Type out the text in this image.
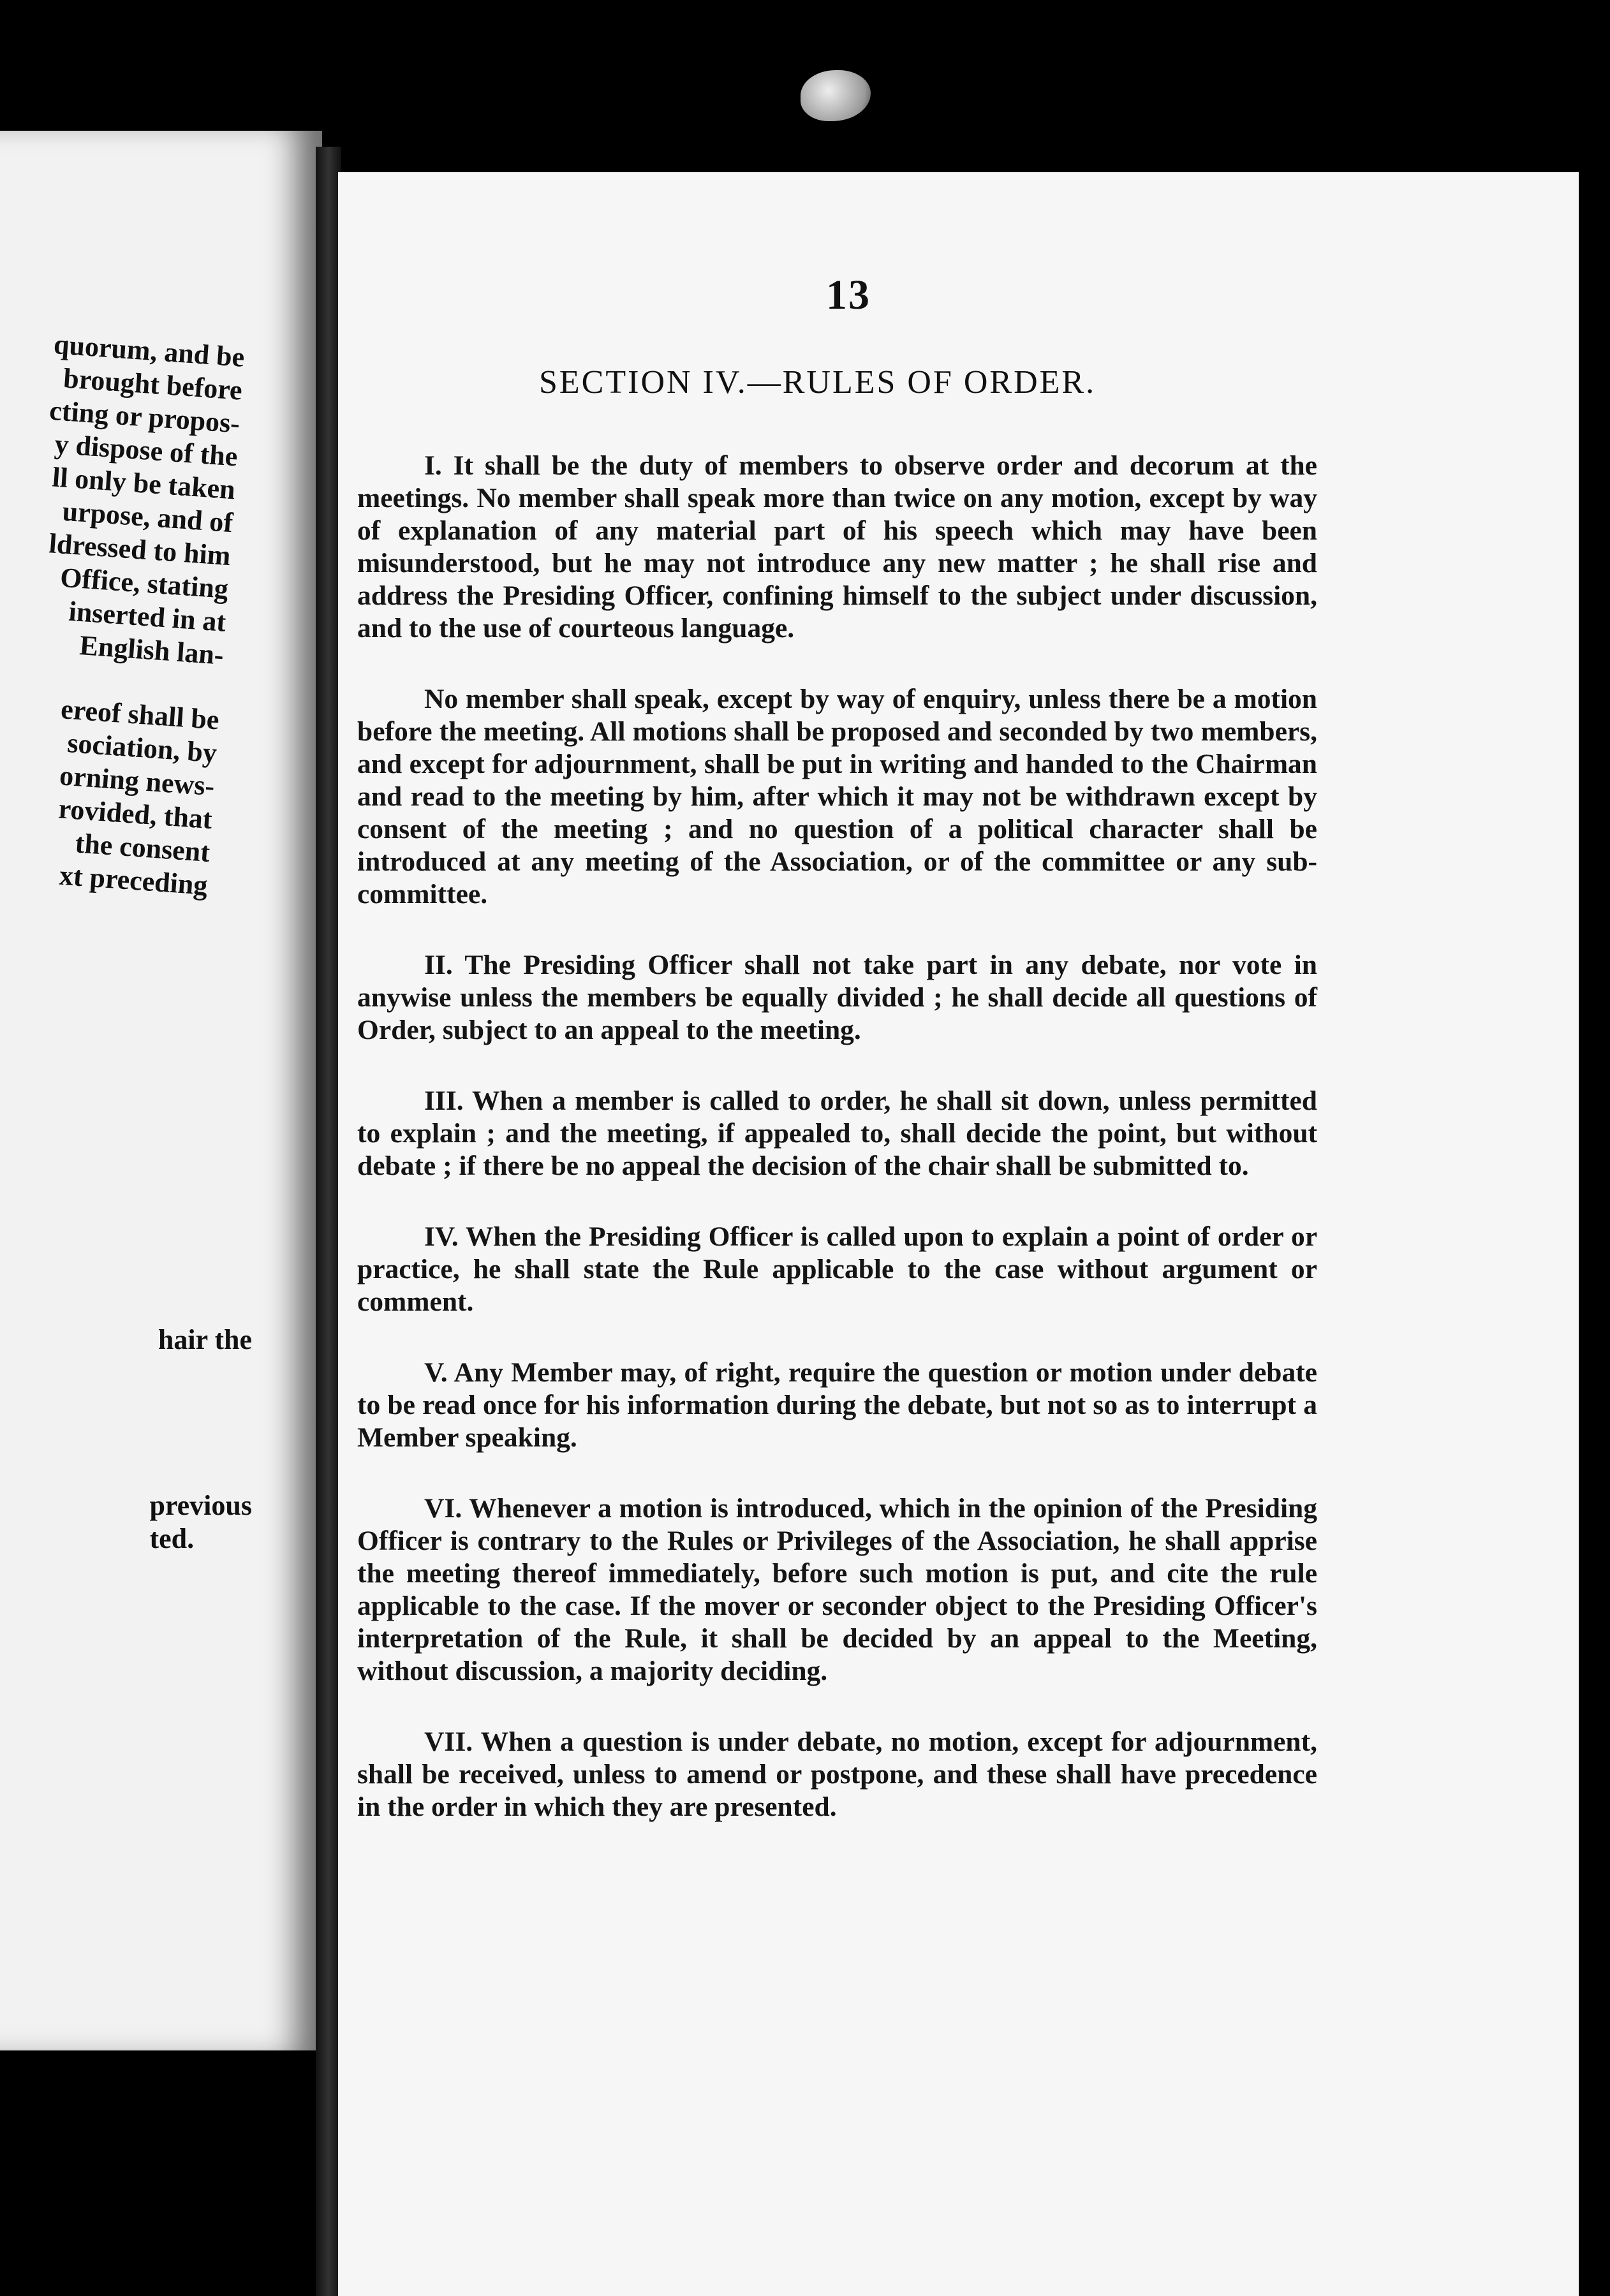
quorum, and be
brought before
cting or propos-
y dispose of the
ll only be taken
urpose, and of
ldressed to him
Office, stating
inserted in at
English lan-

ereof shall be
sociation, by
orning news-
rovided, that
the consent
xt preceding

hair the
previous
ted.
13
SECTION IV.—RULES OF ORDER.

I. It shall be the duty of members to observe order and decorum at the meetings. No member shall speak more than twice on any motion, except by way of explanation of any material part of his speech which may have been misunderstood, but he may not introduce any new matter ; he shall rise and address the Presiding Officer, confining himself to the subject under discussion, and to the use of courteous language.

No member shall speak, except by way of enquiry, unless there be a motion before the meeting. All motions shall be proposed and seconded by two members, and except for adjournment, shall be put in writing and handed to the Chairman and read to the meeting by him, after which it may not be withdrawn except by consent of the meeting ; and no question of a political character shall be introduced at any meeting of the Association, or of the committee or any sub-committee.

II. The Presiding Officer shall not take part in any debate, nor vote in anywise unless the members be equally divided ; he shall decide all questions of Order, subject to an appeal to the meeting.

III. When a member is called to order, he shall sit down, unless permitted to explain ; and the meeting, if appealed to, shall decide the point, but without debate ; if there be no appeal the decision of the chair shall be submitted to.

IV. When the Presiding Officer is called upon to explain a point of order or practice, he shall state the Rule applicable to the case without argument or comment.

V. Any Member may, of right, require the question or motion under debate to be read once for his information during the debate, but not so as to interrupt a Member speaking.

VI. Whenever a motion is introduced, which in the opinion of the Presiding Officer is contrary to the Rules or Privileges of the Association, he shall apprise the meeting thereof immediately, before such motion is put, and cite the rule applicable to the case. If the mover or seconder object to the Presiding Officer's interpretation of the Rule, it shall be decided by an appeal to the Meeting, without discussion, a majority deciding.

VII. When a question is under debate, no motion, except for adjournment, shall be received, unless to amend or postpone, and these shall have precedence in the order in which they are presented.
